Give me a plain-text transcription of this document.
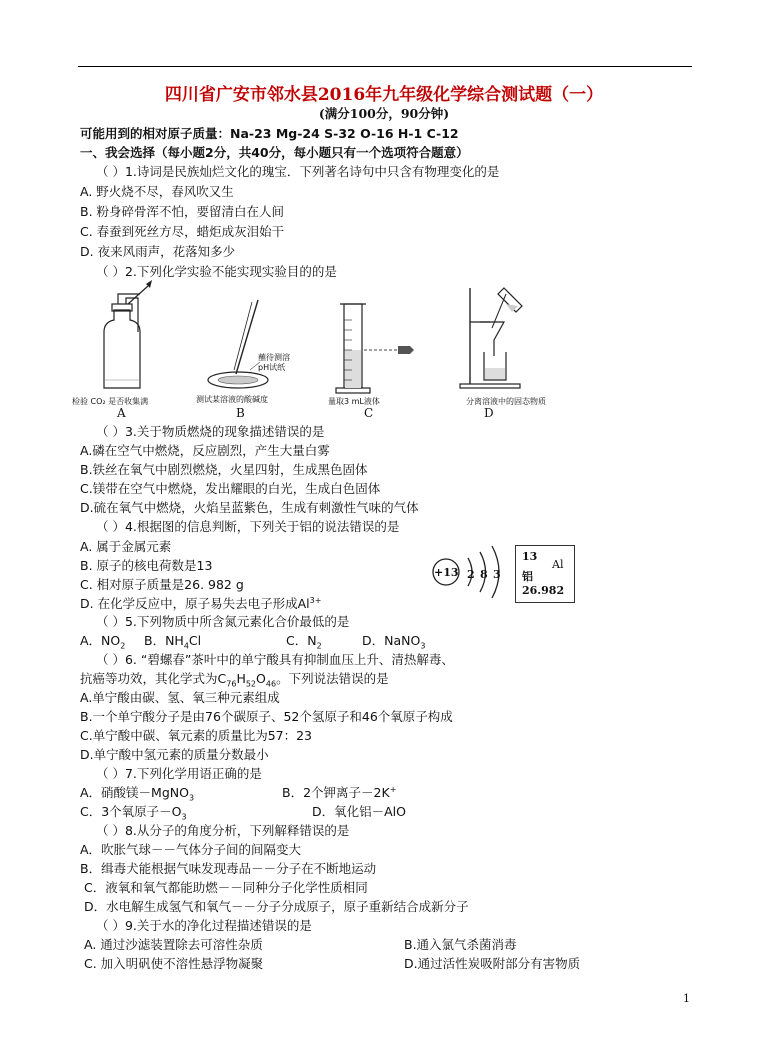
四川省广安市邻水县2016年九年级化学综合测试题（一）
(满分100分，90分钟)
可能用到的相对原子质量：Na-23 Mg-24 S-32 O-16 H-1 C-12
一、我会选择（每小题2分，共40分，每小题只有一个选项符合题意）
（ ）1.诗词是民族灿烂文化的瑰宝．下列著名诗句中只含有物理变化的是
A. 野火烧不尽，春风吹又生
B. 粉身碎骨浑不怕，要留清白在人间
C. 春蚕到死丝方尽，蜡炬成灰泪始干
D. 夜来风雨声，花落知多少
（ ）2.下列化学实验不能实现实验目的的是
检验 CO₂ 是否收集满
A
蘸待测溶
pH试纸
测试某溶液的酸碱度
B
量取3 mL液体
C
分离溶液中的固态物质
D
（ ）3.关于物质燃烧的现象描述错误的是
A.磷在空气中燃烧，反应剧烈，产生大量白雾
B.铁丝在氧气中剧烈燃烧，火星四射，生成黑色固体
C.镁带在空气中燃烧，发出耀眼的白光，生成白色固体
D.硫在氧气中燃烧，火焰呈蓝紫色，生成有刺激性气味的气体
（ ）4.根据图的信息判断，下列关于铝的说法错误的是
A. 属于金属元素
B. 原子的核电荷数是13
C. 相对原子质量是26. 982 g
D. 在化学反应中，原子易失去电子形成$Al^{3+}$
+13 2 8 3
13
Al
铝
26.982
（ ）5.下列物质中所含氮元素化合价最低的是
A．$NO_2$ B．$NH_4Cl$	C．$N_2$	D．NaNO$_3$
（ ）6. “碧螺春”茶叶中的单宁酸具有抑制血压上升、清热解毒、
抗癌等功效，其化学式为$C_{76}H_{52}O_{46}$。下列说法错误的是
A.单宁酸由碳、氢、氧三种元素组成
B.一个单宁酸分子是由76个碳原子、52个氢原子和46个氧原子构成
C.单宁酸中碳、氧元素的质量比为57：23
D.单宁酸中氢元素的质量分数最小
（ ）7.下列化学用语正确的是
A．硝酸镁－MgNO$_3$	B．2个钾离子－2K+
C．3个氧原子$-O_3$	D．氧化铝－AlO
（ ）8.从分子的角度分析，下列解释错误的是
A．吹胀气球－－气体分子间的间隔变大
B．缉毒犬能根据气味发现毒品－－分子在不断地运动
C．液氧和氧气都能助燃－－同种分子化学性质相同
D．水电解生成氢气和氧气－－分子分成原子，原子重新结合成新分子
（ ）9.关于水的净化过程描述错误的是
A. 通过沙滤装置除去可溶性杂质	B.通入氯气杀菌消毒
C. 加入明矾使不溶性悬浮物凝聚	D.通过活性炭吸附部分有害物质
1
